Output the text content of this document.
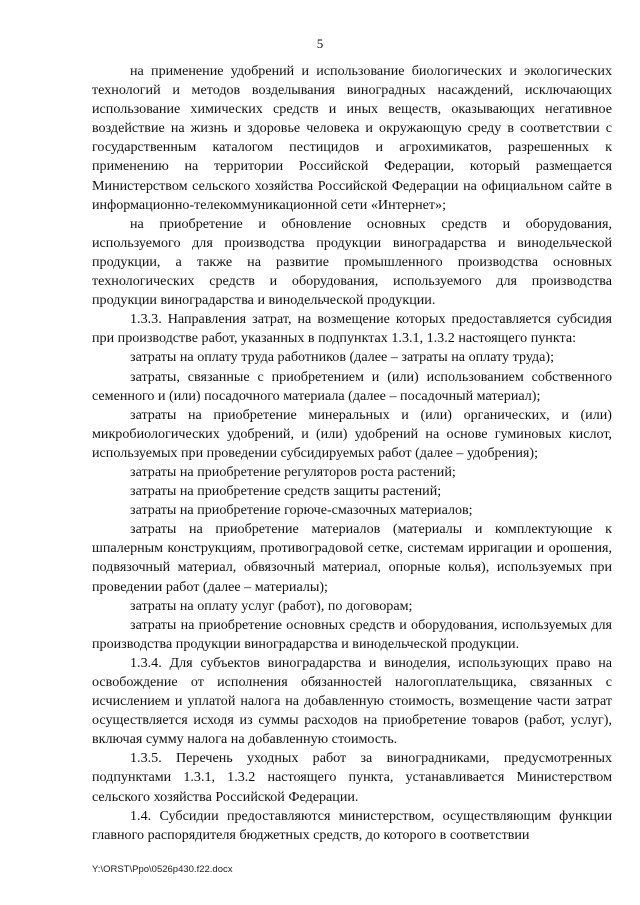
5

на применение удобрений и использование биологических и экологических технологий и методов возделывания виноградных насаждений, исключающих использование химических средств и иных веществ, оказывающих негативное воздействие на жизнь и здоровье человека и окружающую среду в соответствии с государственным каталогом пестицидов и агрохимикатов, разрешенных к применению на территории Российской Федерации, который размещается Министерством сельского хозяйства Российской Федерации на официальном сайте в информационно-телекоммуникационной сети «Интернет»;

на приобретение и обновление основных средств и оборудования, используемого для производства продукции виноградарства и винодельческой продукции, а также на развитие промышленного производства основных технологических средств и оборудования, используемого для производства продукции виноградарства и винодельческой продукции.

1.3.3. Направления затрат, на возмещение которых предоставляется субсидия при производстве работ, указанных в подпунктах 1.3.1, 1.3.2 настоящего пункта:

затраты на оплату труда работников (далее – затраты на оплату труда);

затраты, связанные с приобретением и (или) использованием собственного семенного и (или) посадочного материала (далее – посадочный материал);

затраты на приобретение минеральных и (или) органических, и (или) микробиологических удобрений, и (или) удобрений на основе гуминовых кислот, используемых при проведении субсидируемых работ (далее – удобрения);

затраты на приобретение регуляторов роста растений;

затраты на приобретение средств защиты растений;

затраты на приобретение горюче-смазочных материалов;

затраты на приобретение материалов (материалы и комплектующие к шпалерным конструкциям, противоградовой сетке, системам ирригации и орошения, подвязочный материал, обвязочный материал, опорные колья), используемых при проведении работ (далее – материалы);

затраты на оплату услуг (работ), по договорам;

затраты на приобретение основных средств и оборудования, используемых для производства продукции виноградарства и винодельческой продукции.

1.3.4. Для субъектов виноградарства и виноделия, использующих право на освобождение от исполнения обязанностей налогоплательщика, связанных с исчислением и уплатой налога на добавленную стоимость, возмещение части затрат осуществляется исходя из суммы расходов на приобретение товаров (работ, услуг), включая сумму налога на добавленную стоимость.

1.3.5. Перечень уходных работ за виноградниками, предусмотренных подпунктами 1.3.1, 1.3.2 настоящего пункта, устанавливается Министерством сельского хозяйства Российской Федерации.

1.4. Субсидии предоставляются министерством, осуществляющим функции главного распорядителя бюджетных средств, до которого в соответствии

Y:\ORST\Ppo\0526p430.f22.docx
